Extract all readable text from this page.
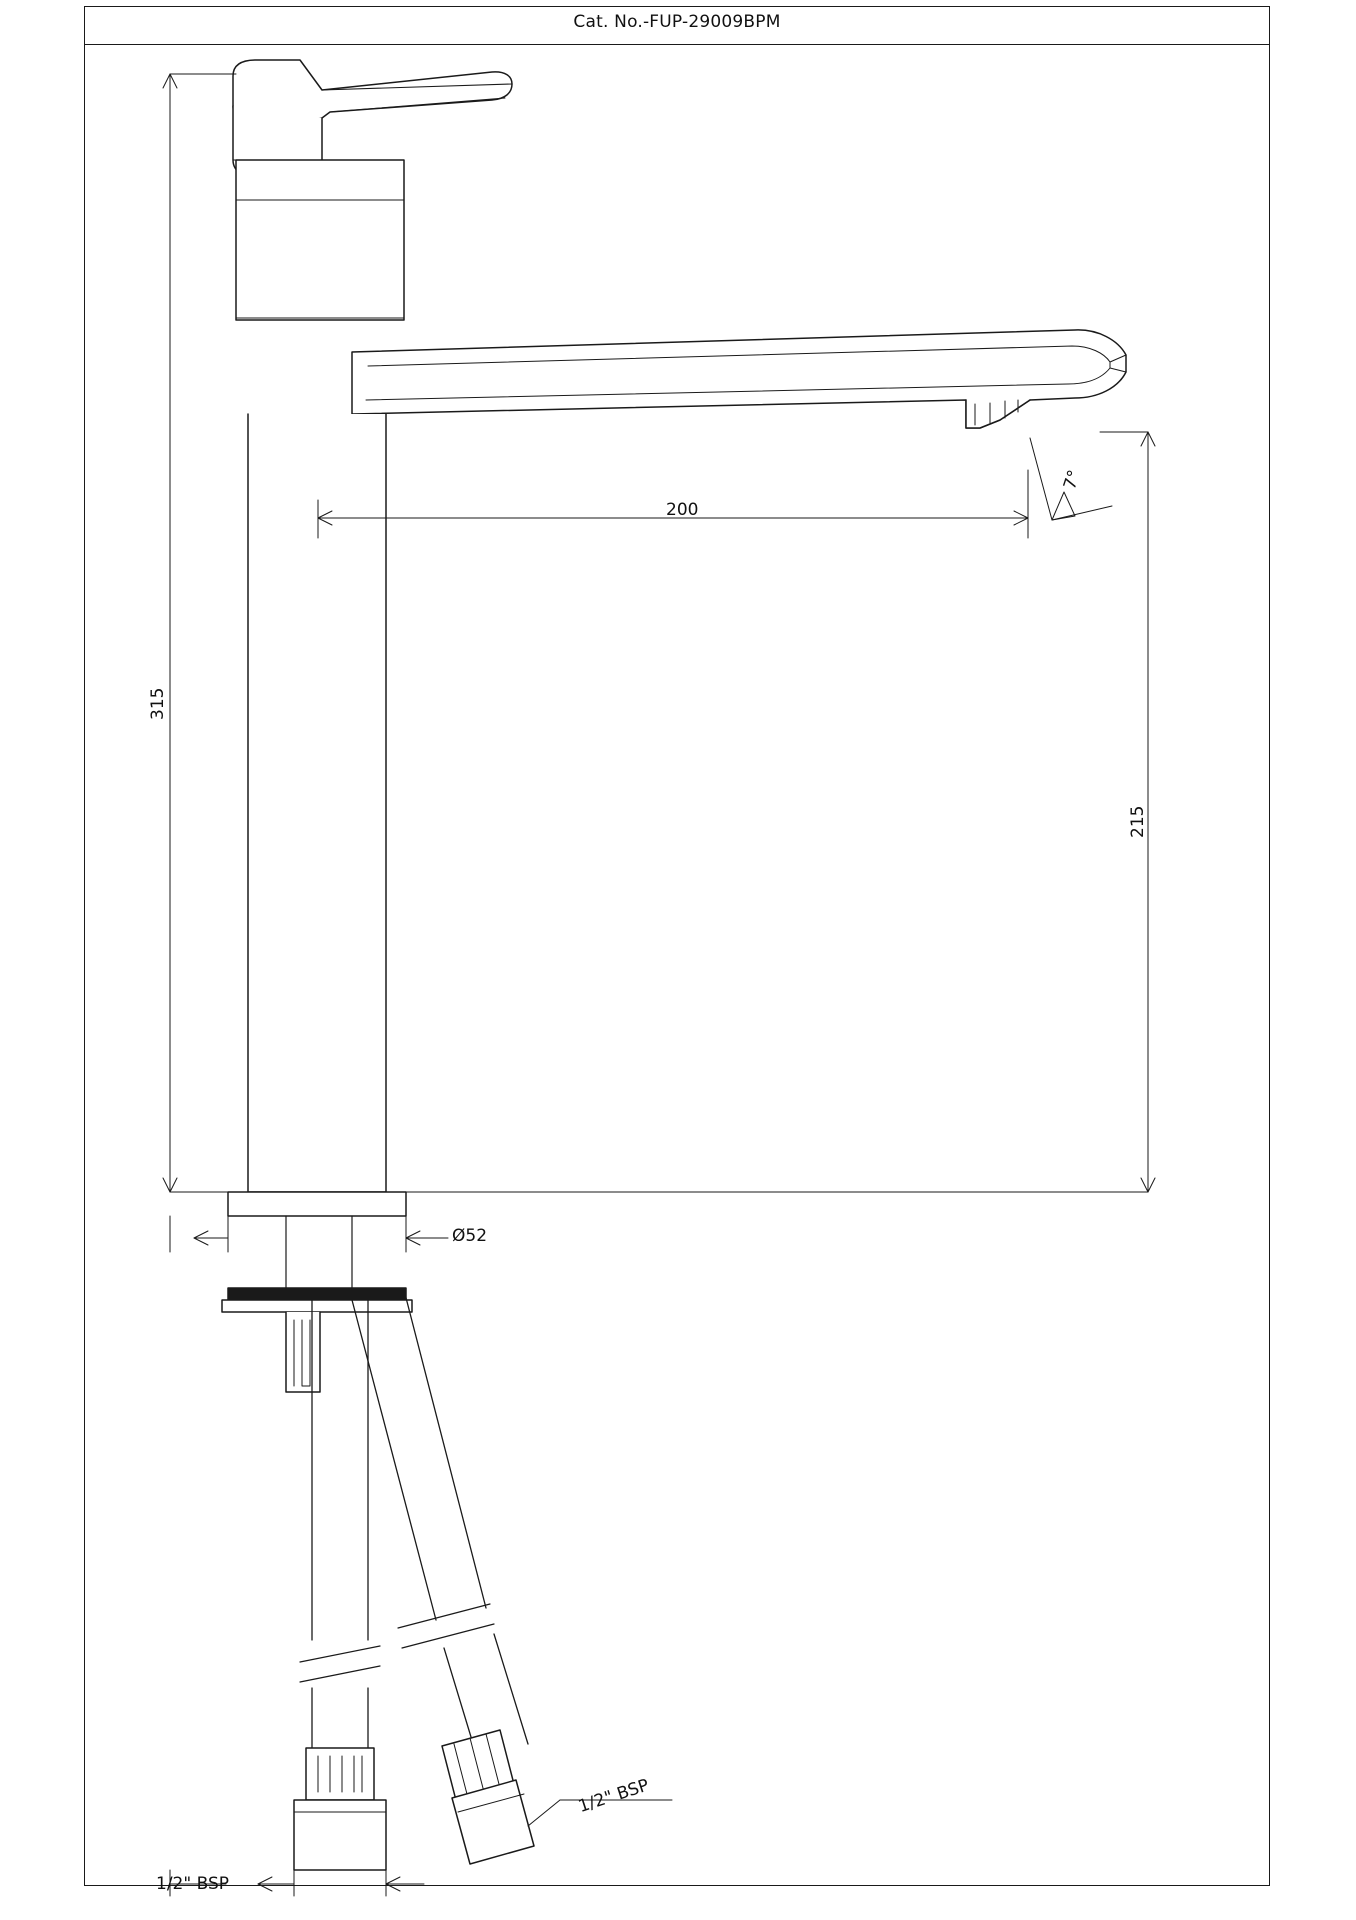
Cat. No.-FUP-29009BPM
315
200
215
Ø52
7°
1/2" BSP
1/2" BSP
